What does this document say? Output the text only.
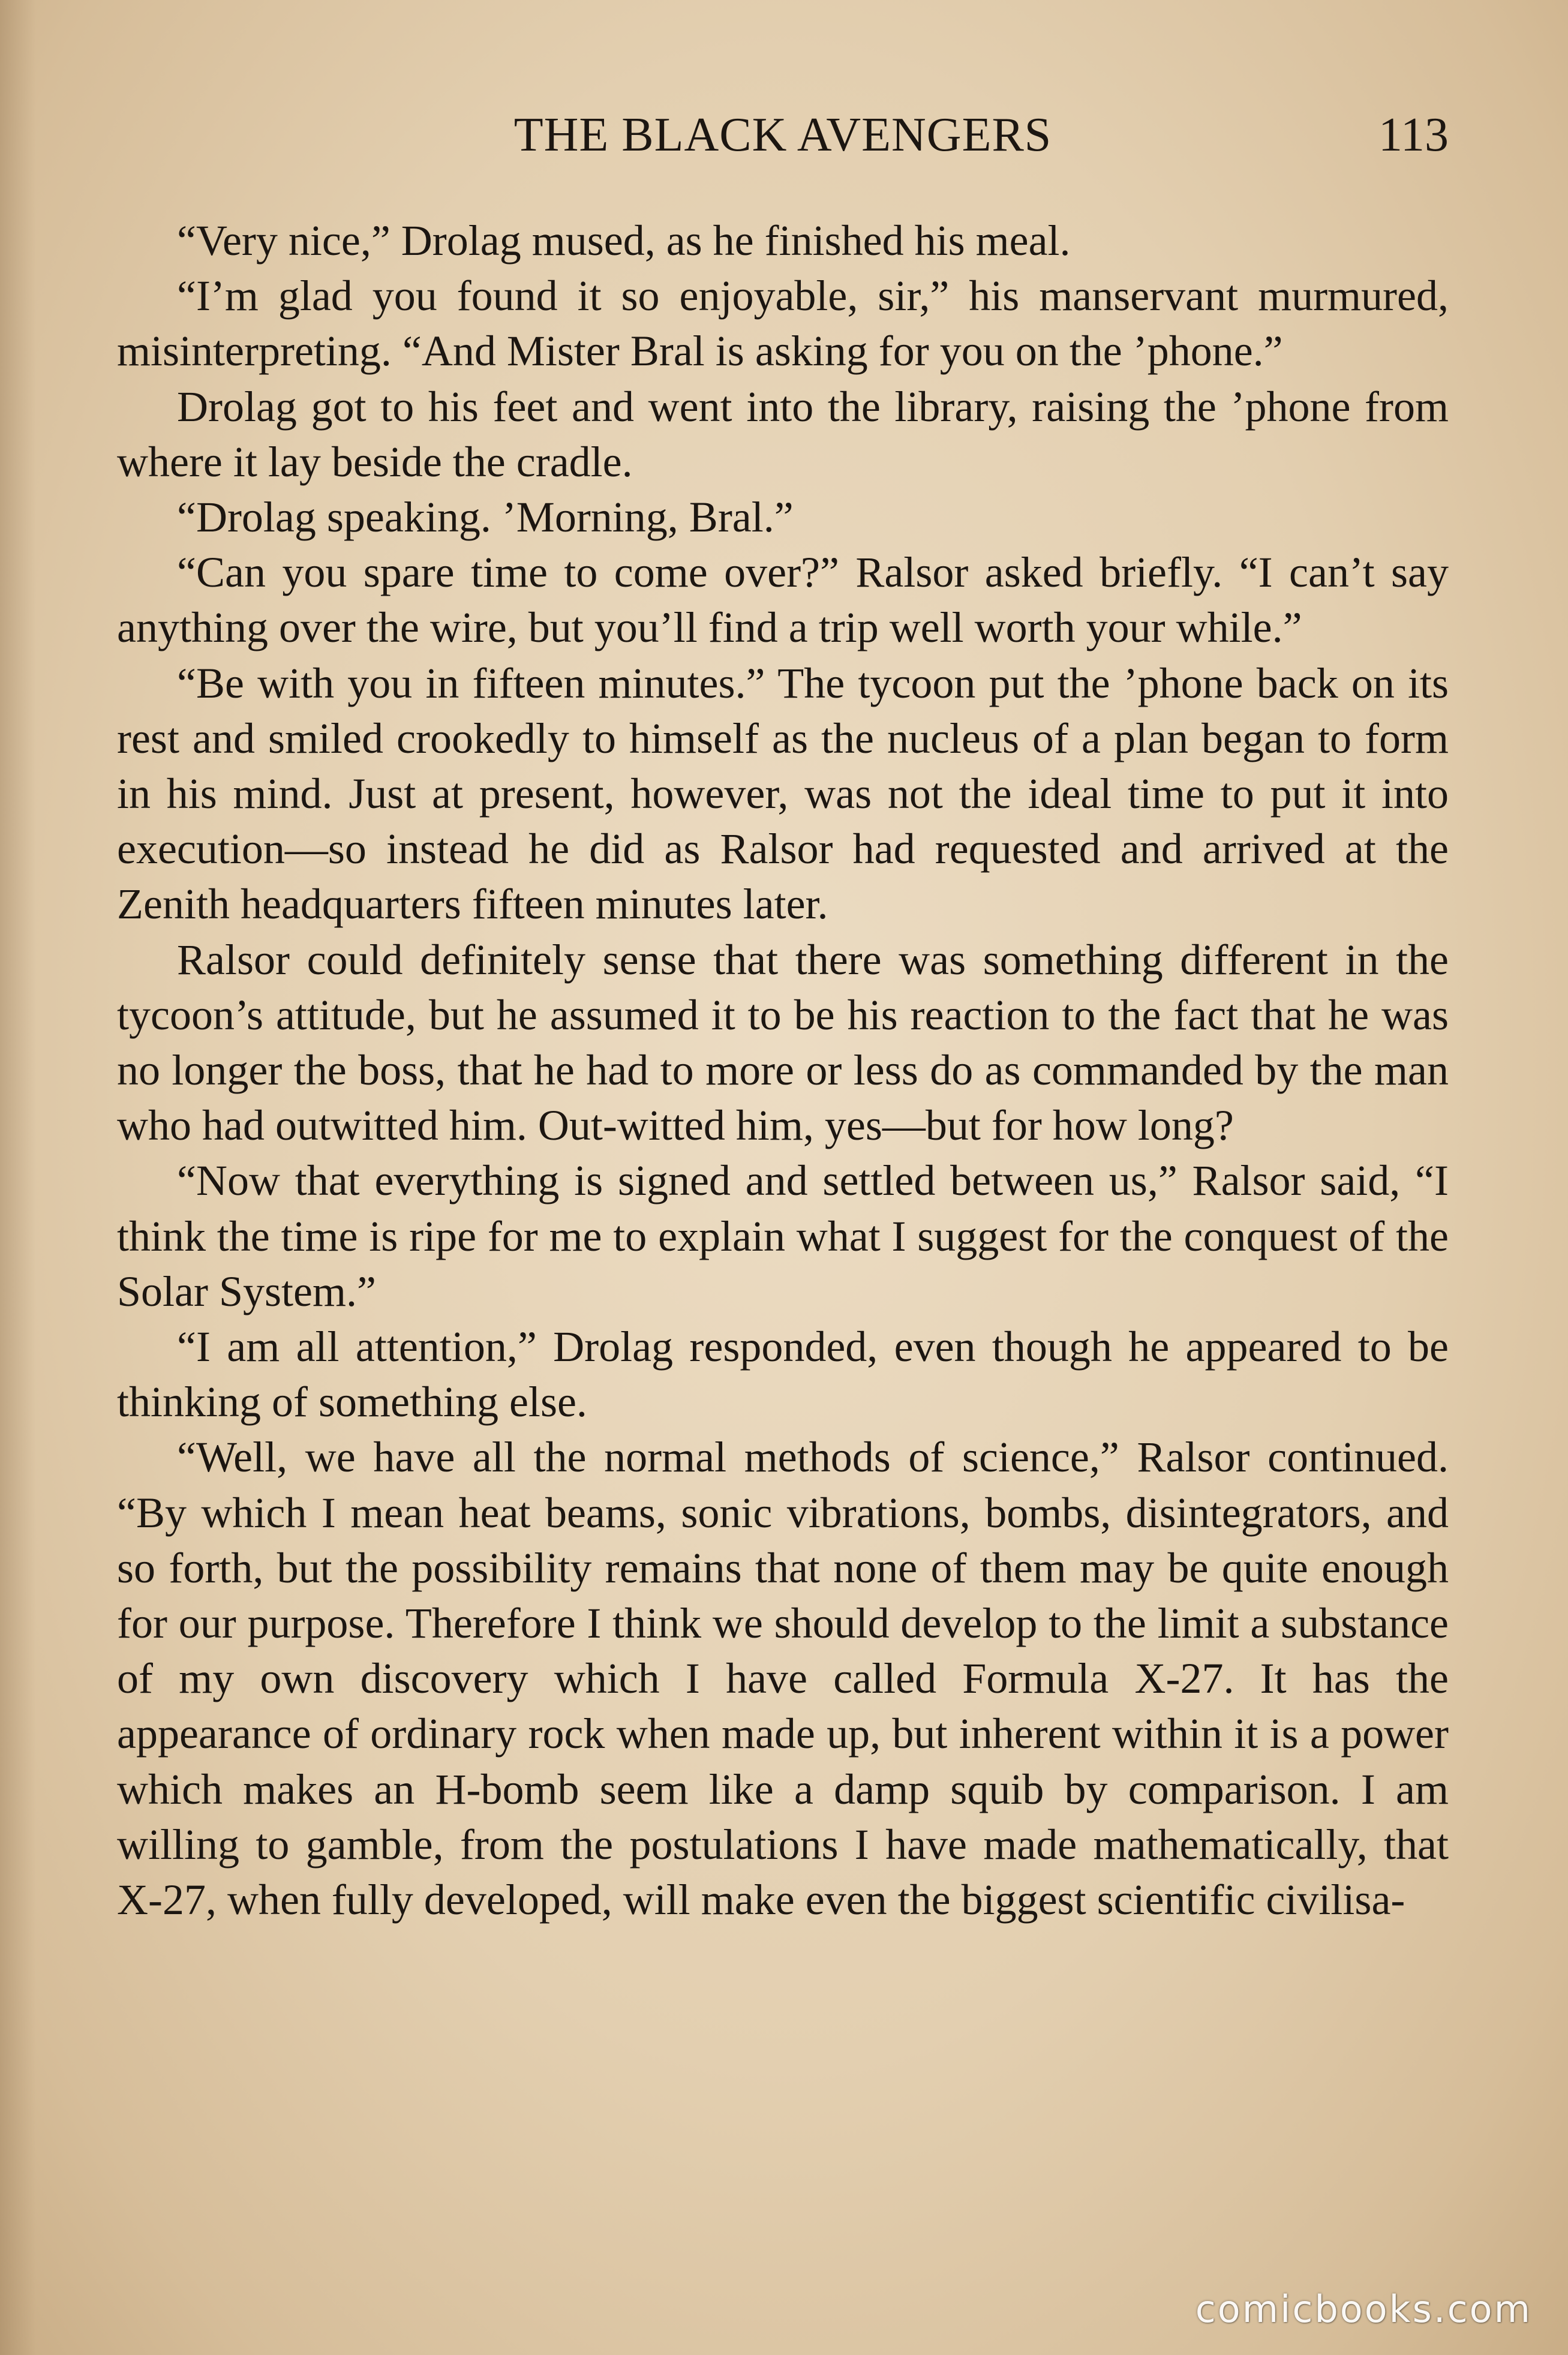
THE BLACK AVENGERS	113

“Very nice,” Drolag mused, as he finished his meal.

“I’m glad you found it so enjoyable, sir,” his manservant murmured, misinterpreting. “And Mister Bral is asking for you on the ’phone.”

Drolag got to his feet and went into the library, raising the ’phone from where it lay beside the cradle.

“Drolag speaking. ’Morning, Bral.”

“Can you spare time to come over?” Ralsor asked briefly. “I can’t say anything over the wire, but you’ll find a trip well worth your while.”

“Be with you in fifteen minutes.” The tycoon put the ’phone back on its rest and smiled crookedly to himself as the nucleus of a plan began to form in his mind. Just at present, however, was not the ideal time to put it into execution—so instead he did as Ralsor had requested and arrived at the Zenith headquarters fifteen minutes later.

Ralsor could definitely sense that there was something different in the tycoon’s attitude, but he assumed it to be his reaction to the fact that he was no longer the boss, that he had to more or less do as commanded by the man who had outwitted him. Out-witted him, yes—but for how long?

“Now that everything is signed and settled between us,” Ralsor said, “I think the time is ripe for me to explain what I suggest for the conquest of the Solar System.”

“I am all attention,” Drolag responded, even though he appeared to be thinking of something else.

“Well, we have all the normal methods of science,” Ralsor continued. “By which I mean heat beams, sonic vibrations, bombs, disintegrators, and so forth, but the possibility remains that none of them may be quite enough for our purpose. Therefore I think we should develop to the limit a substance of my own discovery which I have called Formula X-27. It has the appearance of ordinary rock when made up, but inherent within it is a power which makes an H-bomb seem like a damp squib by comparison. I am willing to gamble, from the postulations I have made mathematically, that X-27, when fully developed, will make even the biggest scientific civilisa-

comicbooks.com
